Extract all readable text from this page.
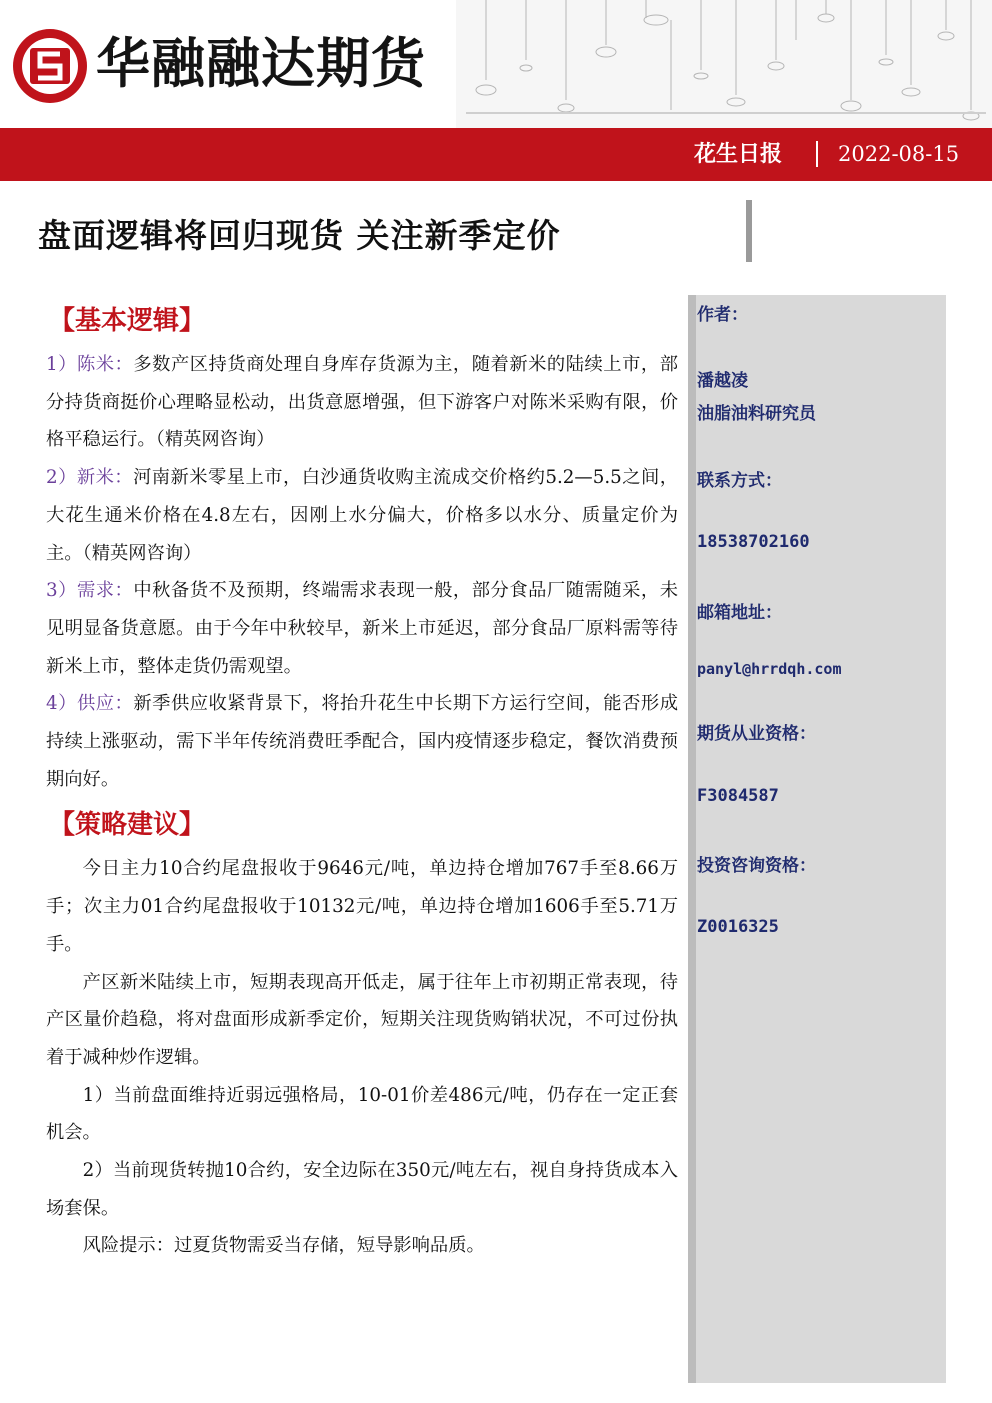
华融融达期货
花生日报	2022-08-15
盘面逻辑将回归现货 关注新季定价
作者：
潘越凌
油脂油料研究员
联系方式：
18538702160
邮箱地址：
panyl@hrrdqh.com
期货从业资格：
F3084587
投资咨询资格：
Z0016325
【基本逻辑】

1）陈米：多数产区持货商处理自身库存货源为主，随着新米的陆续上市，部分持货商挺价心理略显松动，出货意愿增强，但下游客户对陈米采购有限，价格平稳运行。（精英网咨询）

2）新米：河南新米零星上市，白沙通货收购主流成交价格约5.2—5.5之间，大花生通米价格在4.8左右，因刚上水分偏大，价格多以水分、质量定价为主。（精英网咨询）

3）需求：中秋备货不及预期，终端需求表现一般，部分食品厂随需随采，未见明显备货意愿。由于今年中秋较早，新米上市延迟，部分食品厂原料需等待新米上市，整体走货仍需观望。

4）供应：新季供应收紧背景下，将抬升花生中长期下方运行空间，能否形成持续上涨驱动，需下半年传统消费旺季配合，国内疫情逐步稳定，餐饮消费预期向好。

【策略建议】

今日主力10合约尾盘报收于9646元/吨，单边持仓增加767手至8.66万手；次主力01合约尾盘报收于10132元/吨，单边持仓增加1606手至5.71万手。

产区新米陆续上市，短期表现高开低走，属于往年上市初期正常表现，待产区量价趋稳，将对盘面形成新季定价，短期关注现货购销状况，不可过份执着于减种炒作逻辑。

1）当前盘面维持近弱远强格局，10-01价差486元/吨，仍存在一定正套机会。

2）当前现货转抛10合约，安全边际在350元/吨左右，视自身持货成本入场套保。

风险提示：过夏货物需妥当存储，短导影响品质。
